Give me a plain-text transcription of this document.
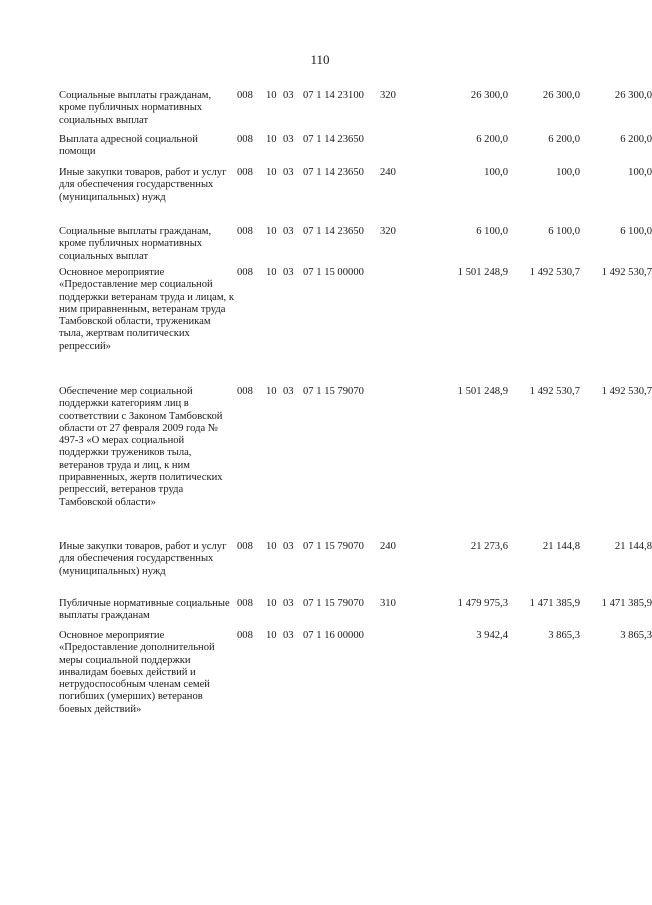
110
Социальные выплаты гражданам, кроме публичных нормативных социальных выплат
008 10 03 07 1 14 23100 320	26 300,0	26 300,0	26 300,0
Выплата адресной социальной помощи
008 10 03 07 1 14 23650	6 200,0	6 200,0	6 200,0
Иные закупки товаров, работ и услуг для обеспечения государственных (муниципальных) нужд
008 10 03 07 1 14 23650 240	100,0	100,0	100,0
Социальные выплаты гражданам, кроме публичных нормативных социальных выплат
008 10 03 07 1 14 23650 320	6 100,0	6 100,0	6 100,0
Основное мероприятие «Предоставление мер социальной поддержки ветеранам труда и лицам, к ним приравненным, ветеранам труда Тамбовской области, труженикам тыла, жертвам политических репрессий»
008 10 03 07 1 15 00000	1 501 248,9	1 492 530,7	1 492 530,7
Обеспечение мер социальной поддержки категориям лиц в соответствии с Законом Тамбовской области от 27 февраля 2009 года № 497-З «О мерах социальной поддержки тружеников тыла, ветеранов труда и лиц, к ним приравненных, жертв политических репрессий, ветеранов труда Тамбовской области»
008 10 03 07 1 15 79070	1 501 248,9	1 492 530,7	1 492 530,7
Иные закупки товаров, работ и услуг для обеспечения государственных (муниципальных) нужд
008 10 03 07 1 15 79070 240	21 273,6	21 144,8	21 144,8
Публичные нормативные социальные выплаты гражданам
008 10 03 07 1 15 79070 310	1 479 975,3	1 471 385,9	1 471 385,9
Основное мероприятие «Предоставление дополнительной меры социальной поддержки инвалидам боевых действий и нетрудоспособным членам семей погибших (умерших) ветеранов боевых действий»
008 10 03 07 1 16 00000	3 942,4	3 865,3	3 865,3
